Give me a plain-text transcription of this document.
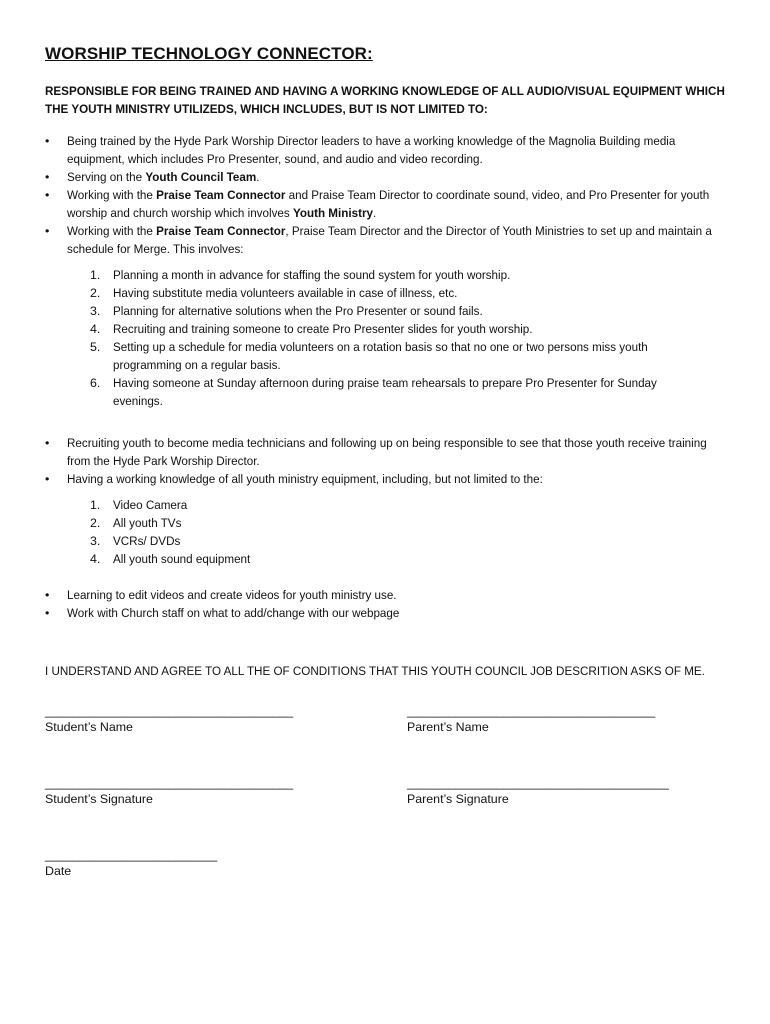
WORSHIP TECHNOLOGY CONNECTOR:
RESPONSIBLE FOR BEING TRAINED AND HAVING A WORKING KNOWLEDGE OF ALL AUDIO/VISUAL EQUIPMENT WHICH THE YOUTH MINISTRY UTILIZEDS, WHICH INCLUDES, BUT IS NOT LIMITED TO:
• Being trained by the Hyde Park Worship Director leaders to have a working knowledge of the Magnolia Building media equipment, which includes Pro Presenter, sound, and audio and video recording.
• Serving on the Youth Council Team.
• Working with the Praise Team Connector and Praise Team Director to coordinate sound, video, and Pro Presenter for youth worship and church worship which involves Youth Ministry.
• Working with the Praise Team Connector, Praise Team Director and the Director of Youth Ministries to set up and maintain a schedule for Merge. This involves:
1. Planning a month in advance for staffing the sound system for youth worship.
2. Having substitute media volunteers available in case of illness, etc.
3. Planning for alternative solutions when the Pro Presenter or sound fails.
4. Recruiting and training someone to create Pro Presenter slides for youth worship.
5. Setting up a schedule for media volunteers on a rotation basis so that no one or two persons miss youth programming on a regular basis.
6. Having someone at Sunday afternoon during praise team rehearsals to prepare Pro Presenter for Sunday evenings.
• Recruiting youth to become media technicians and following up on being responsible to see that those youth receive training from the Hyde Park Worship Director.
• Having a working knowledge of all youth ministry equipment, including, but not limited to the:
1. Video Camera
2. All youth TVs
3. VCRs/ DVDs
4. All youth sound equipment
• Learning to edit videos and create videos for youth ministry use.
• Work with Church staff on what to add/change with our webpage
I UNDERSTAND AND AGREE TO ALL THE OF CONDITIONS THAT THIS YOUTH COUNCIL JOB DESCRITION ASKS OF ME.
____________________________________
Student’s Name
____________________________________
Parent’s Name
____________________________________
Student’s Signature
______________________________________
Parent’s Signature
_________________________
Date
